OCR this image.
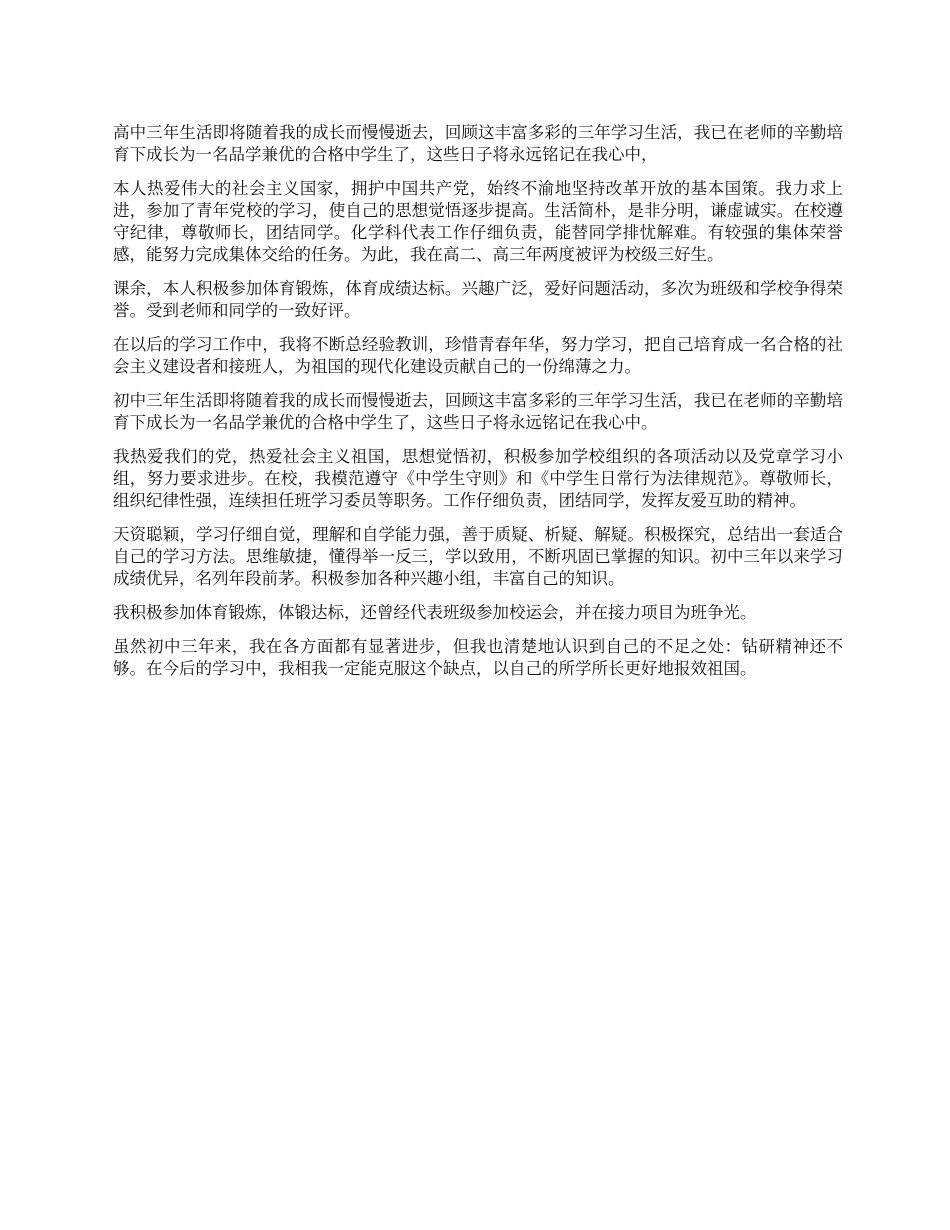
高中三年生活即将随着我的成长而慢慢逝去，回顾这丰富多彩的三年学习生活，我已在老师的辛勤培育下成长为一名品学兼优的合格中学生了，这些日子将永远铭记在我心中，

本人热爱伟大的社会主义国家，拥护中国共产党，始终不渝地坚持改革开放的基本国策。我力求上进，参加了青年党校的学习，使自己的思想觉悟逐步提高。生活简朴，是非分明，谦虚诚实。在校遵守纪律，尊敬师长，团结同学。化学科代表工作仔细负责，能替同学排忧解难。有较强的集体荣誉感，能努力完成集体交给的任务。为此，我在高二、高三年两度被评为校级三好生。

课余，本人积极参加体育锻炼，体育成绩达标。兴趣广泛，爱好问题活动，多次为班级和学校争得荣誉。受到老师和同学的一致好评。

在以后的学习工作中，我将不断总经验教训，珍惜青春年华，努力学习，把自己培育成一名合格的社会主义建设者和接班人，为祖国的现代化建设贡献自己的一份绵薄之力。

初中三年生活即将随着我的成长而慢慢逝去，回顾这丰富多彩的三年学习生活，我已在老师的辛勤培育下成长为一名品学兼优的合格中学生了，这些日子将永远铭记在我心中。

我热爱我们的党，热爱社会主义祖国，思想觉悟初，积极参加学校组织的各项活动以及党章学习小组，努力要求进步。在校，我模范遵守《中学生守则》和《中学生日常行为法律规范》。尊敬师长，组织纪律性强，连续担任班学习委员等职务。工作仔细负责，团结同学，发挥友爱互助的精神。

天资聪颖，学习仔细自觉，理解和自学能力强，善于质疑、析疑、解疑。积极探究，总结出一套适合自己的学习方法。思维敏捷，懂得举一反三，学以致用，不断巩固已掌握的知识。初中三年以来学习成绩优异，名列年段前茅。积极参加各种兴趣小组，丰富自己的知识。

我积极参加体育锻炼，体锻达标，还曾经代表班级参加校运会，并在接力项目为班争光。

虽然初中三年来，我在各方面都有显著进步，但我也清楚地认识到自己的不足之处：钻研精神还不够。在今后的学习中，我相我一定能克服这个缺点，以自己的所学所长更好地报效祖国。
